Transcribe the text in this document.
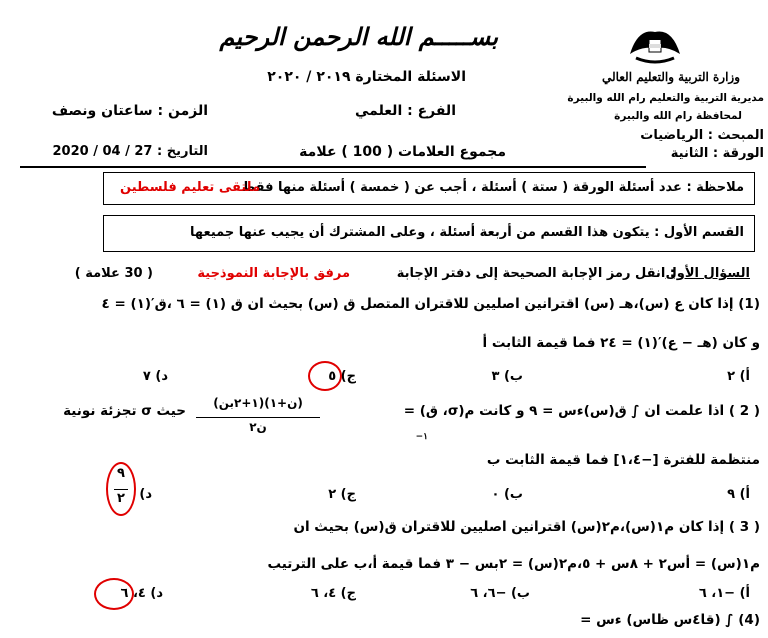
وزارة التربية والتعليم العالي
مديرية التربية والتعليم رام الله والبيرة
لمحافظة رام الله والبيرة
المبحث : الرياضيات
الورقة : الثانية
بســـــم الله الرحمن الرحيم
الاسئلة المختارة ٢٠١٩ / ٢٠٢٠
الفرع : العلمي
الزمن : ساعتان ونصف
مجموع العلامات ( 100 ) علامة
التاريخ : 27 / 04 / 2020
ملاحظة : عدد أسئلة الورقة ( ستة ) أسئلة ، أجب عن ( خمسة ) أسئلة منها فقط
ملتقى تعليم فلسطين
القسم الأول : يتكون هذا القسم من أربعة أسئلة ، وعلى المشترك أن يجيب عنها جميعها
السؤال الأول
: انقل رمز الإجابة الصحيحة إلى دفتر الإجابة
مرفق بالإجابة النموذجية
( 30 علامة )
(1) إذا كان ع (س)،هـ (س) اقترانين اصليين للاقتران المتصل ق (س) بحيث ان ق (١) = ٦ ،ق′(١) = ٤
و كان (هـ − ع)′(١) = ٢٤ فما قيمة الثابت أ
أ) ٢
ب) ٣
ج) ٥
د) ٧
( 2 ) اذا علمت ان ∫ ق(س)ءس = ٩ و كانت م(σ، ق) =
١−
(ن+١)(١+٢بن)
ن٢
حيث σ تجزئة نونية
منتظمة للفترة [−١،٤] فما قيمة الثابت ب
أ) ٩
ب) ٠
ج) ٢
د)
٩
٢
( 3 ) إذا كان م١(س)،م٢(س) اقترانين اصليين للاقتران ق(س) بحيث ان
م١(س) = أس٢ + ٨س + ٥،م٢(س) = ٢بس − ٣ فما قيمة أ،ب على الترتيب
أ) −١، ٦
ب) −٦، ٦
ج) ٤، ٦
د) ٤، ٦
(4) ∫ (قا٤س ظاس) ءس =
